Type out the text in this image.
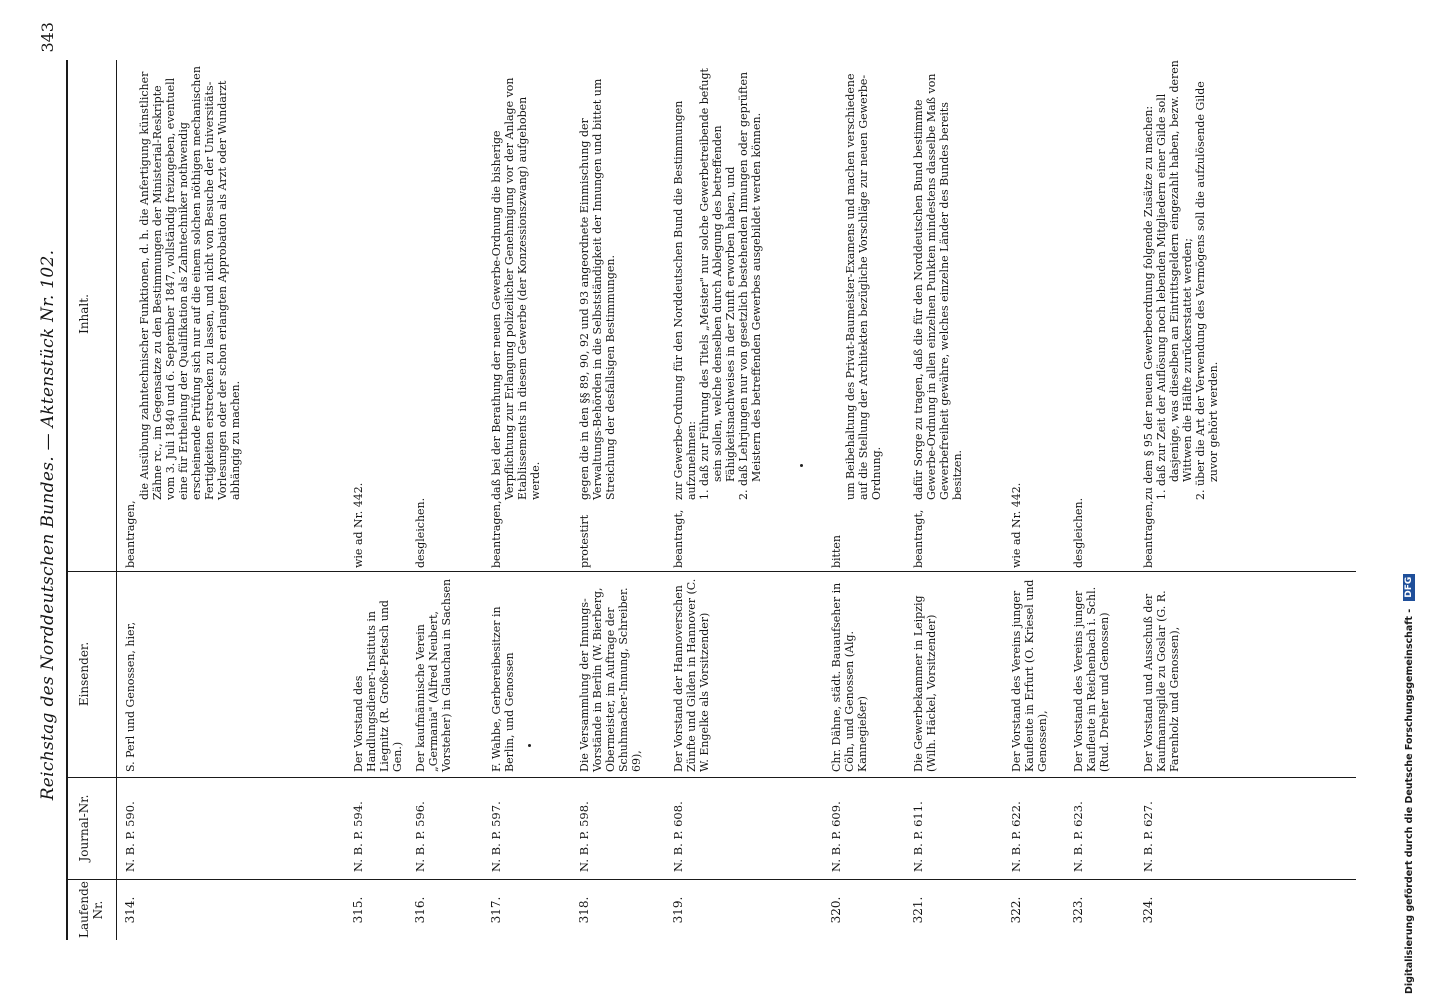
Reichstag des Norddeutschen Bundes. — Aktenstück Nr. 102.
343
Laufende Nr.
Journal-Nr.
Einsender.
Inhalt.
314.
N. B. P. 590.
S. Perl und Genossen, hier,
beantragen,
die Ausübung zahntechnischer Funktionen, d. h. die Anfertigung künstlicher Zähne rc., im Gegensatze zu den Bestimmungen der Ministerial-Reskripte vom 3. Juli 1840 und 6. September 1847, vollständig freizugeben, eventuell eine für Ertheilung der Qualifikation als Zahntechniker nothwendig erscheinende Prüfung sich nur auf die einem solchen nöthigen mechanischen Fertigkeiten erstrecken zu lassen, und nicht von Besuche der Universitäts-Vorlesungen oder der schon erlangten Approbation als Arzt oder Wundarzt abhängig zu machen.
315.
N. B. P. 594.
Der Vorstand des Handlungsdiener-Instituts in Liegnitz (R. Große-Pietsch und Gen.)
wie ad Nr. 442.
316.
N. B. P. 596.
Der kaufmännische Verein „Germania" (Alfred Neubert, Vorsteher) in Glauchau in Sachsen
desgleichen.
317.
N. B. P. 597.
F. Wahbe, Gerbereibesitzer in Berlin, und Genossen
beantragen,
daß bei der Berathung der neuen Gewerbe-Ordnung die bisherige Verpflichtung zur Erlangung polizeilicher Genehmigung vor der Anlage von Etablissements in diesem Gewerbe (der Konzessionszwang) aufgehoben werde.
318.
N. B. P. 598.
Die Versammlung der Innungs-Vorstände in Berlin (W. Bierberg, Obermeister, im Auftrage der Schuhmacher-Innung, Schreiber. 69),
protestirt
gegen die in den §§ 89, 90, 92 und 93 angeordnete Einmischung der Verwaltungs-Behörden in die Selbstständigkeit der Innungen und bittet um Streichung der desfallsigen Bestimmungen.
319.
N. B. P. 608.
Der Vorstand der Hannoverschen Zünfte und Gilden in Hannover (C. W. Engelke als Vorsitzender)
beantragt,
zur Gewerbe-Ordnung für den Norddeutschen Bund die Bestimmungen aufzunehmen: 1. daß zur Führung des Titels „Meister" nur solche Gewerbetreibende befugt sein sollen, welche denselben durch Ablegung des betreffenden Fähigkeitsnachweises in der Zunft erworben haben, und 2. daß Lehrjungen nur von gesetzlich bestehenden Innungen oder geprüften Meistern des betreffenden Gewerbes ausgebildet werden können.
320.
N. B. P. 609.
Chr. Dähne, städt. Bauaufseher in Cöln, und Genossen (Alg. Kannegießer)
bitten
um Beibehaltung des Privat-Baumeister-Examens und machen verschiedene auf die Stellung der Architekten bezügliche Vorschläge zur neuen Gewerbe-Ordnung.
321.
N. B. P. 611.
Die Gewerbekammer in Leipzig (Wilh. Häckel, Vorsitzender)
beantragt,
dafür Sorge zu tragen, daß die für den Norddeutschen Bund bestimmte Gewerbe-Ordnung in allen einzelnen Punkten mindestens dasselbe Maß von Gewerbefreiheit gewähre, welches einzelne Länder des Bundes bereits besitzen.
322.
N. B. P. 622.
Der Vorstand des Vereins junger Kaufleute in Erfurt (O. Kriesel und Genossen),
wie ad Nr. 442.
323.
N. B. P. 623.
Der Vorstand des Vereins junger Kaufleute in Reichenbach i. Schl. (Rud. Dreher und Genossen)
desgleichen.
324.
N. B. P. 627.
Der Vorstand und Ausschuß der Kaufmannsgilde zu Goslar (G. R. Farenholz und Genossen),
beantragen,
zu dem § 95 der neuen Gewerbeordnung folgende Zusätze zu machen: 1. daß zur Zeit der Auflösung noch lebenden Mitgliedern einer Gilde soll dasjenige, was dieselben an Eintrittsgeldern eingezahlt haben, bezw. deren Wittwen die Hälfte zurückerstattet werden; 2. über die Art der Verwendung des Vermögens soll die aufzulösende Gilde zuvor gehört werden.
Digitalisierung gefördert durch die Deutsche Forschungsgemeinschaft -
DFG
